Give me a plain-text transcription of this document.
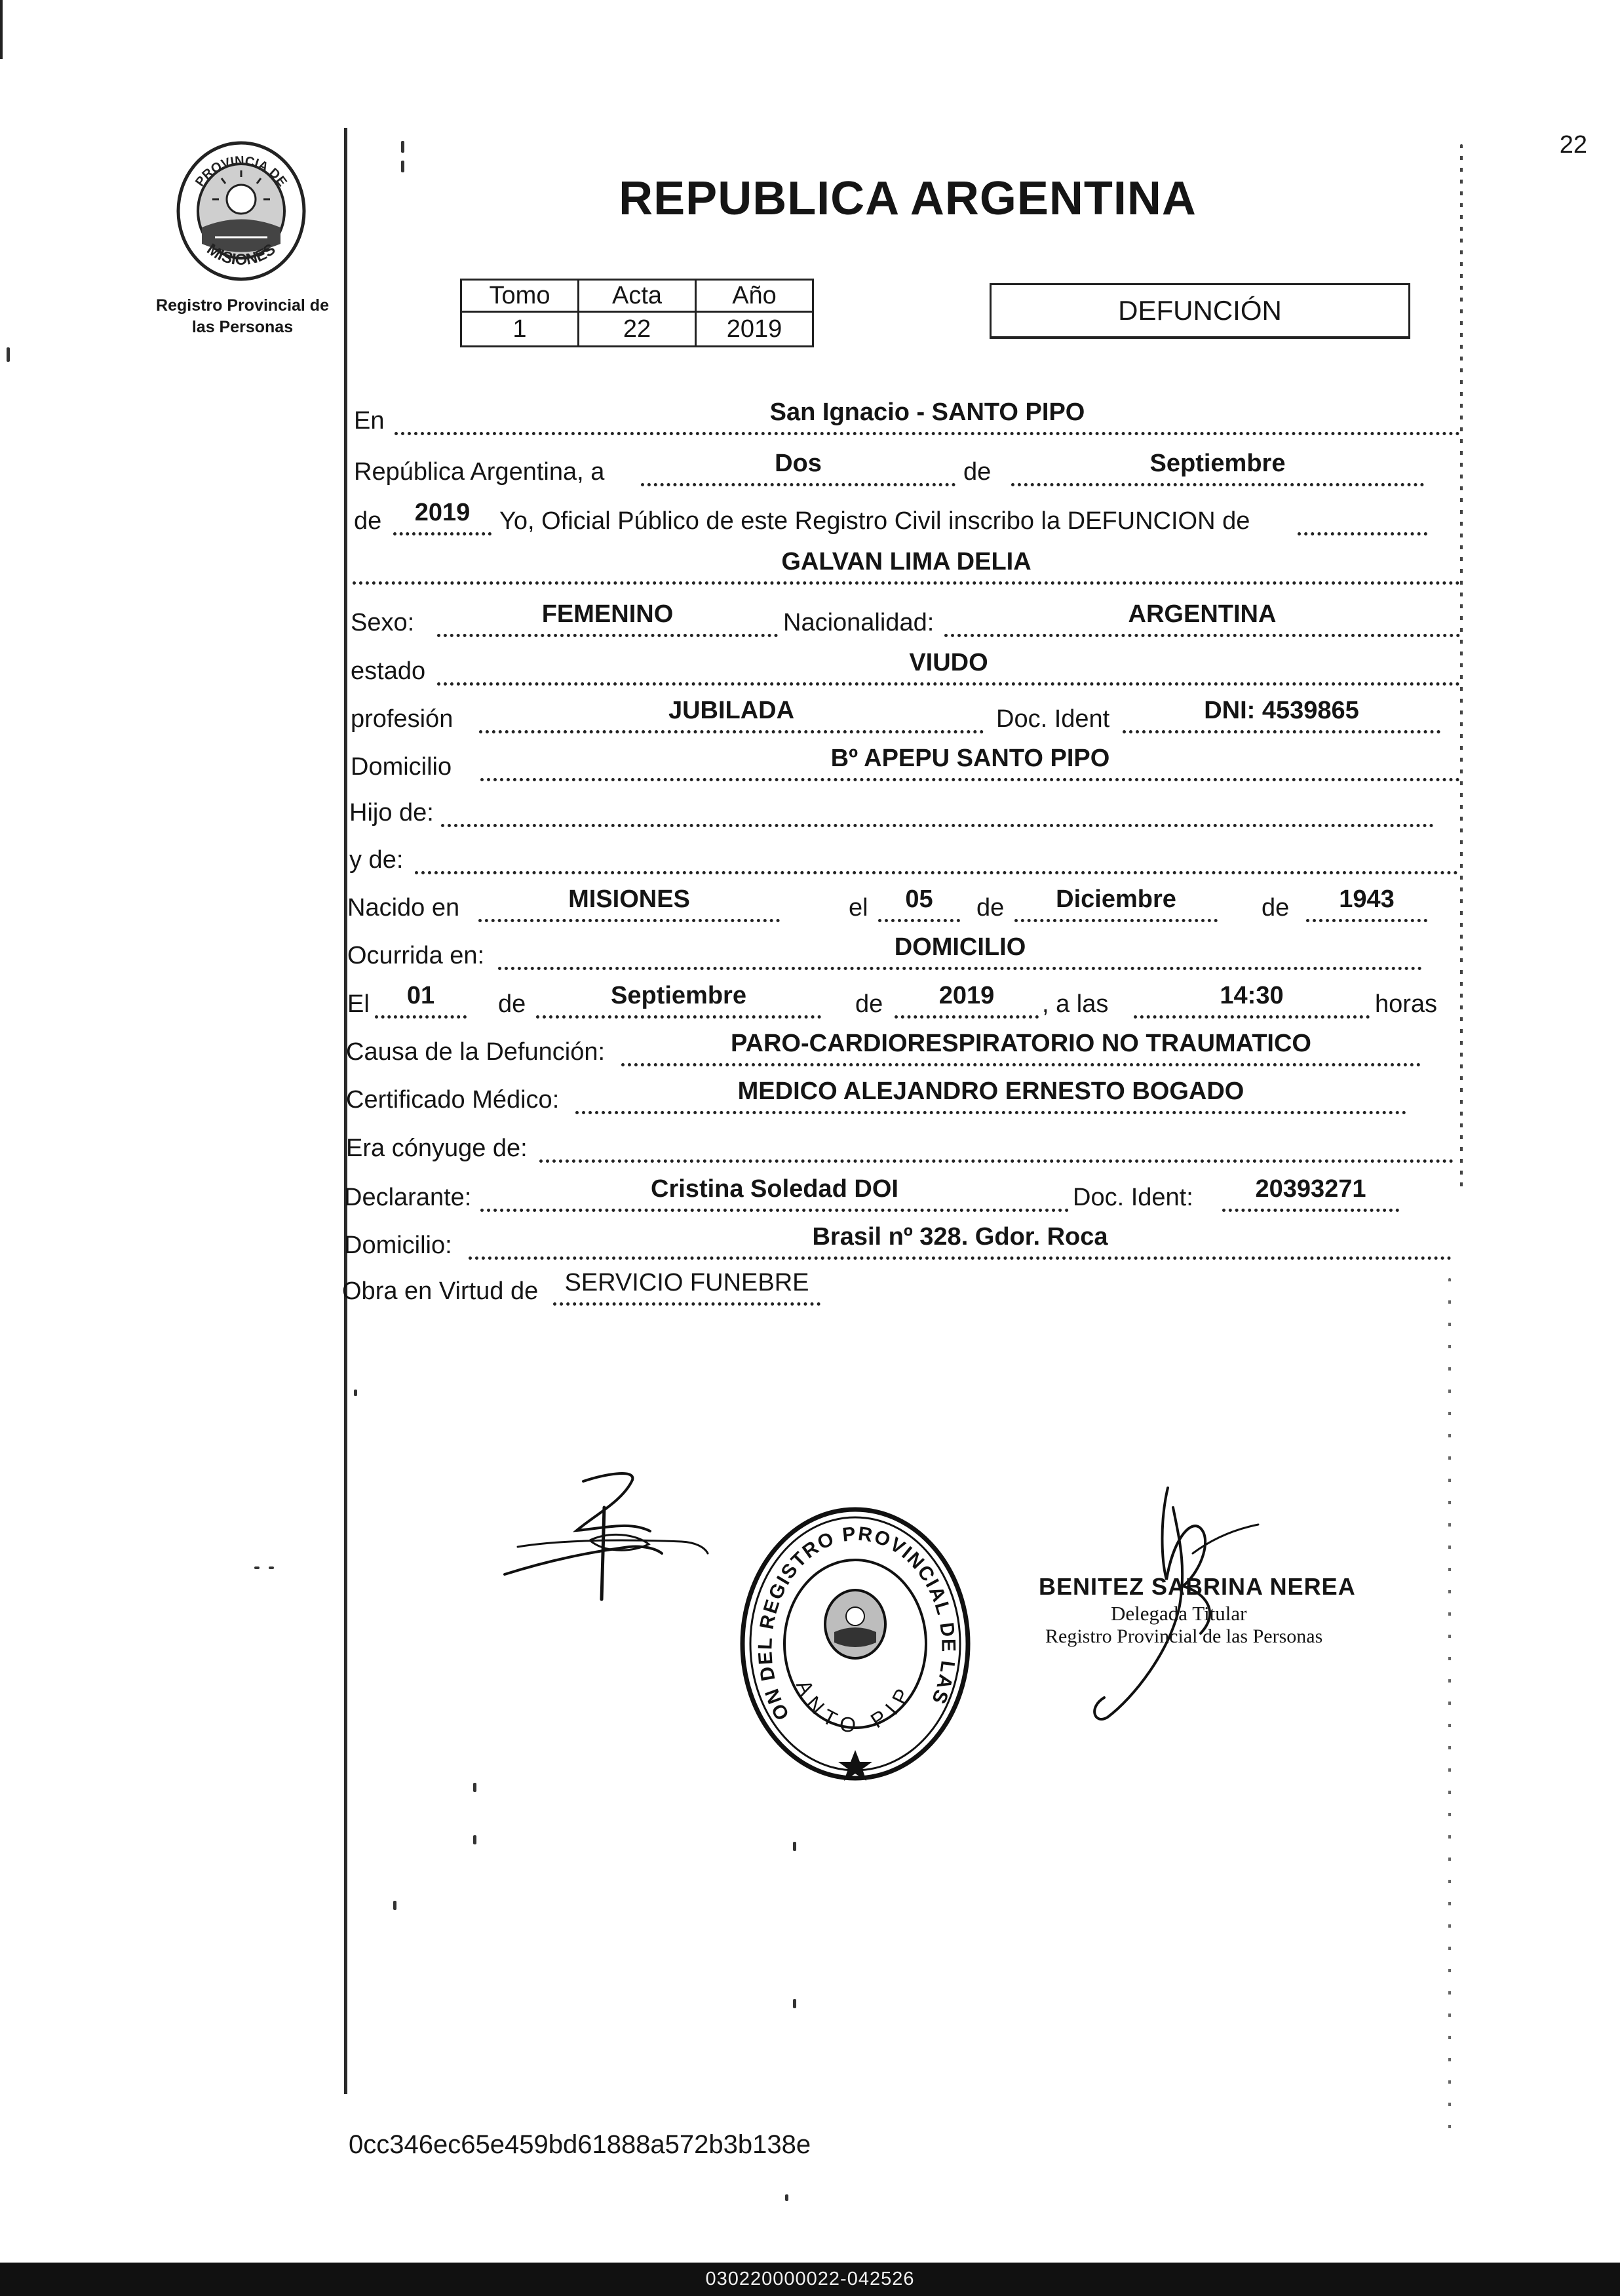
PROVINCIA DE
MISIONES
Registro Provincial de
las Personas
22
REPUBLICA ARGENTINA
Tomo	Acta	Año
1	22	2019
DEFUNCIÓN
En	San Ignacio - SANTO PIPO
República Argentina, a	Dos	de	Septiembre
de 2019 Yo, Oficial Público de este Registro Civil inscribo la DEFUNCION de
GALVAN LIMA DELIA
Sexo:	FEMENINO	Nacionalidad:	ARGENTINA
estado	VIUDO
profesión	JUBILADA	Doc. Ident	DNI: 4539865
Domicilio	Bº APEPU SANTO PIPO
Hijo de:
y de:
Nacido en	MISIONES	el 05 de Diciembre	de 1943
Ocurrida en:	DOMICILIO
El 01	de	Septiembre	de 2019 , a las	14:30	horas
Causa de la Defunción:	PARO-CARDIORESPIRATORIO NO TRAUMATICO
Certificado Médico:	MEDICO ALEJANDRO ERNESTO BOGADO
Era cónyuge de:
Declarante:	Cristina Soledad DOI	Doc. Ident: 20393271
Domicilio:	Brasil nº 328. Gdor. Roca
Obra en Virtud de SERVICIO FUNEBRE
ON DEL REGISTRO PROVINCIAL DE LAS
ANTO PIP
BENITEZ SABRINA NEREA
Delegada Titular
Registro Provincial de las Personas
0cc346ec65e459bd61888a572b3b138e
030220000022-042526
